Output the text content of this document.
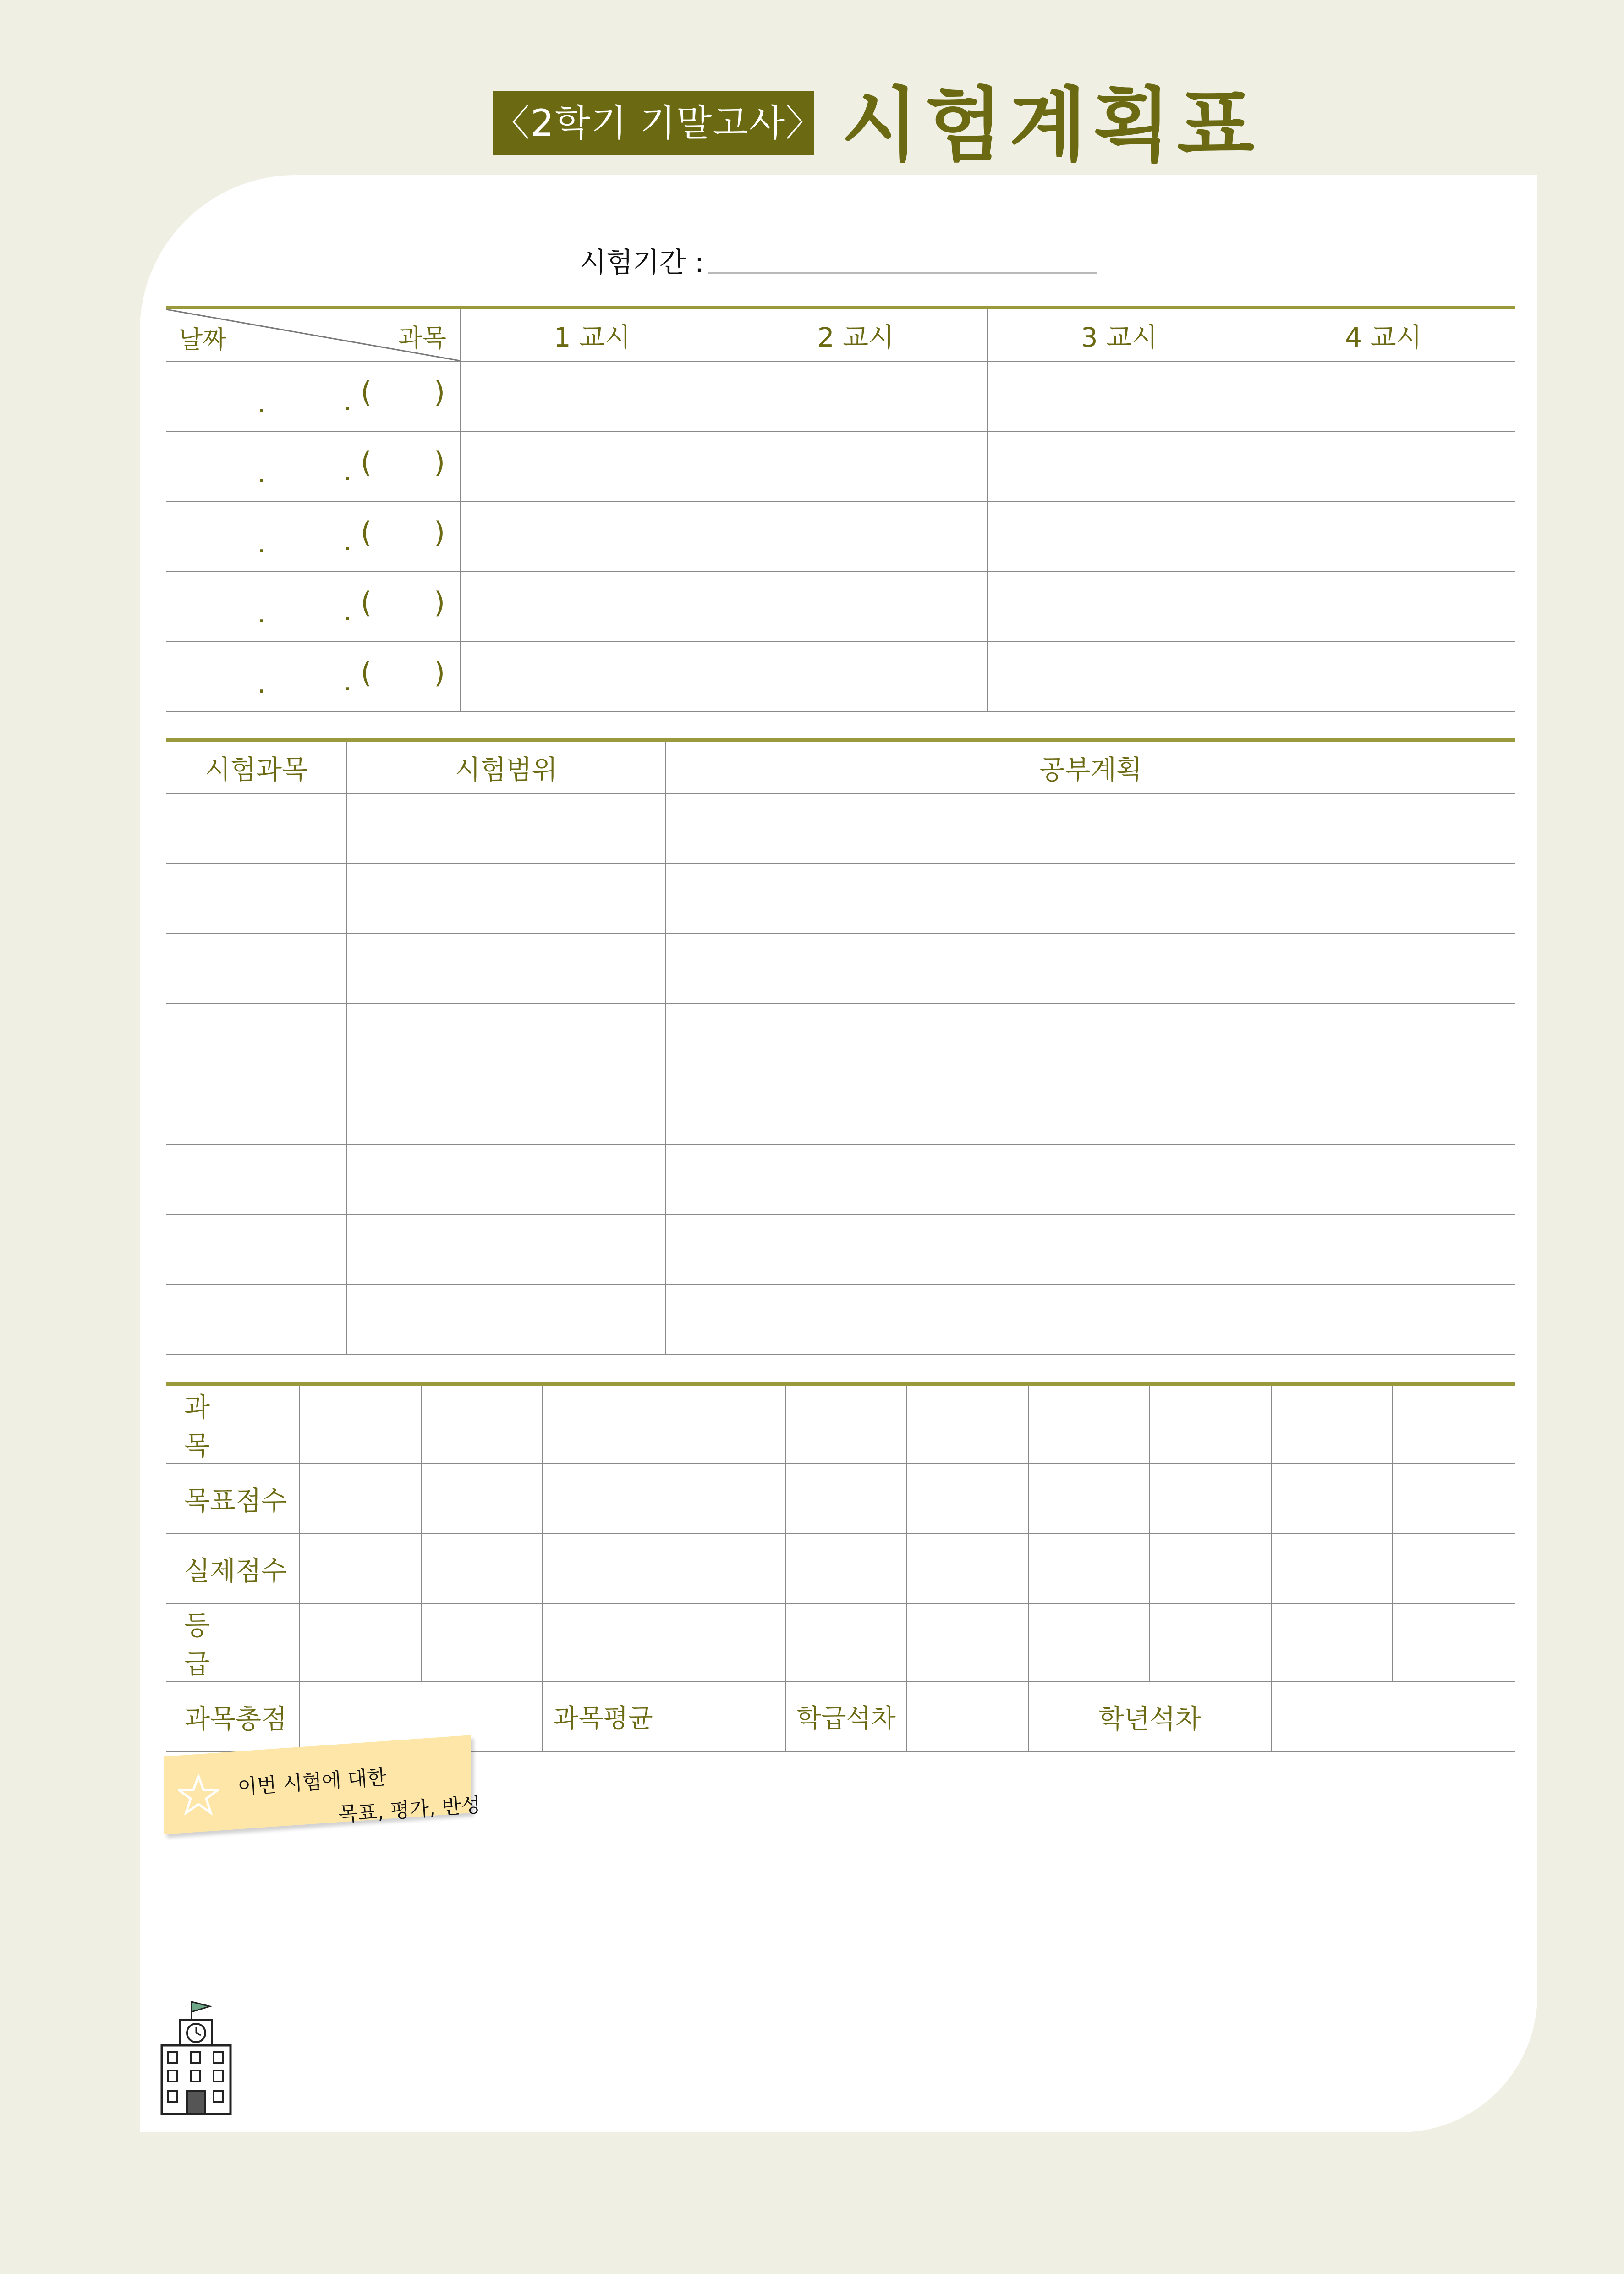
〈2학기 기말고사〉 시험계획표
시험기간 :
날짜 과목	1 교시	2 교시	3 교시	4 교시

. . ( )				

. . ( )				

. . ( )				

. . ( )				

. . ( )				

시험과목	시험범위	공부계획

과 목										
목표점수										
실제점수										
등 급										
과목총점			과목평균		학급석차		학년석차			
이번 시험에 대한
목표, 평가, 반성
